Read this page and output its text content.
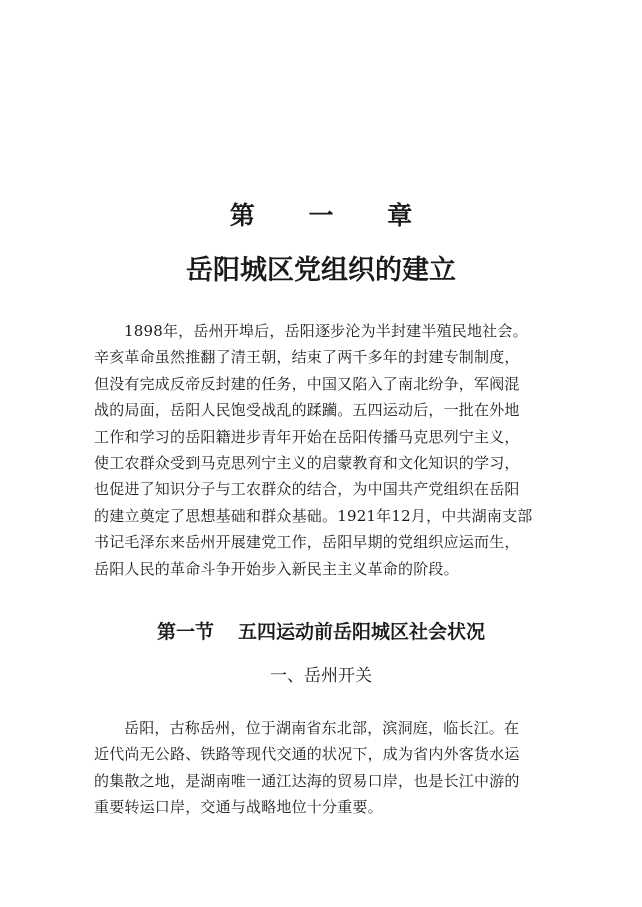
第 一 章
岳阳城区党组织的建立
1898年，岳州开埠后，岳阳逐步沦为半封建半殖民地社会。
辛亥革命虽然推翻了清王朝，结束了两千多年的封建专制制度，
但没有完成反帝反封建的任务，中国又陷入了南北纷争，军阀混
战的局面，岳阳人民饱受战乱的蹂躏。五四运动后，一批在外地
工作和学习的岳阳籍进步青年开始在岳阳传播马克思列宁主义，
使工农群众受到马克思列宁主义的启蒙教育和文化知识的学习，
也促进了知识分子与工农群众的结合，为中国共产党组织在岳阳
的建立奠定了思想基础和群众基础。1921年12月，中共湖南支部
书记毛泽东来岳州开展建党工作，岳阳早期的党组织应运而生，
岳阳人民的革命斗争开始步入新民主主义革命的阶段。
第一节 五四运动前岳阳城区社会状况
一、岳州开关
岳阳，古称岳州，位于湖南省东北部，滨洞庭，临长江。在
近代尚无公路、铁路等现代交通的状况下，成为省内外客货水运
的集散之地，是湖南唯一通江达海的贸易口岸，也是长江中游的
重要转运口岸，交通与战略地位十分重要。
